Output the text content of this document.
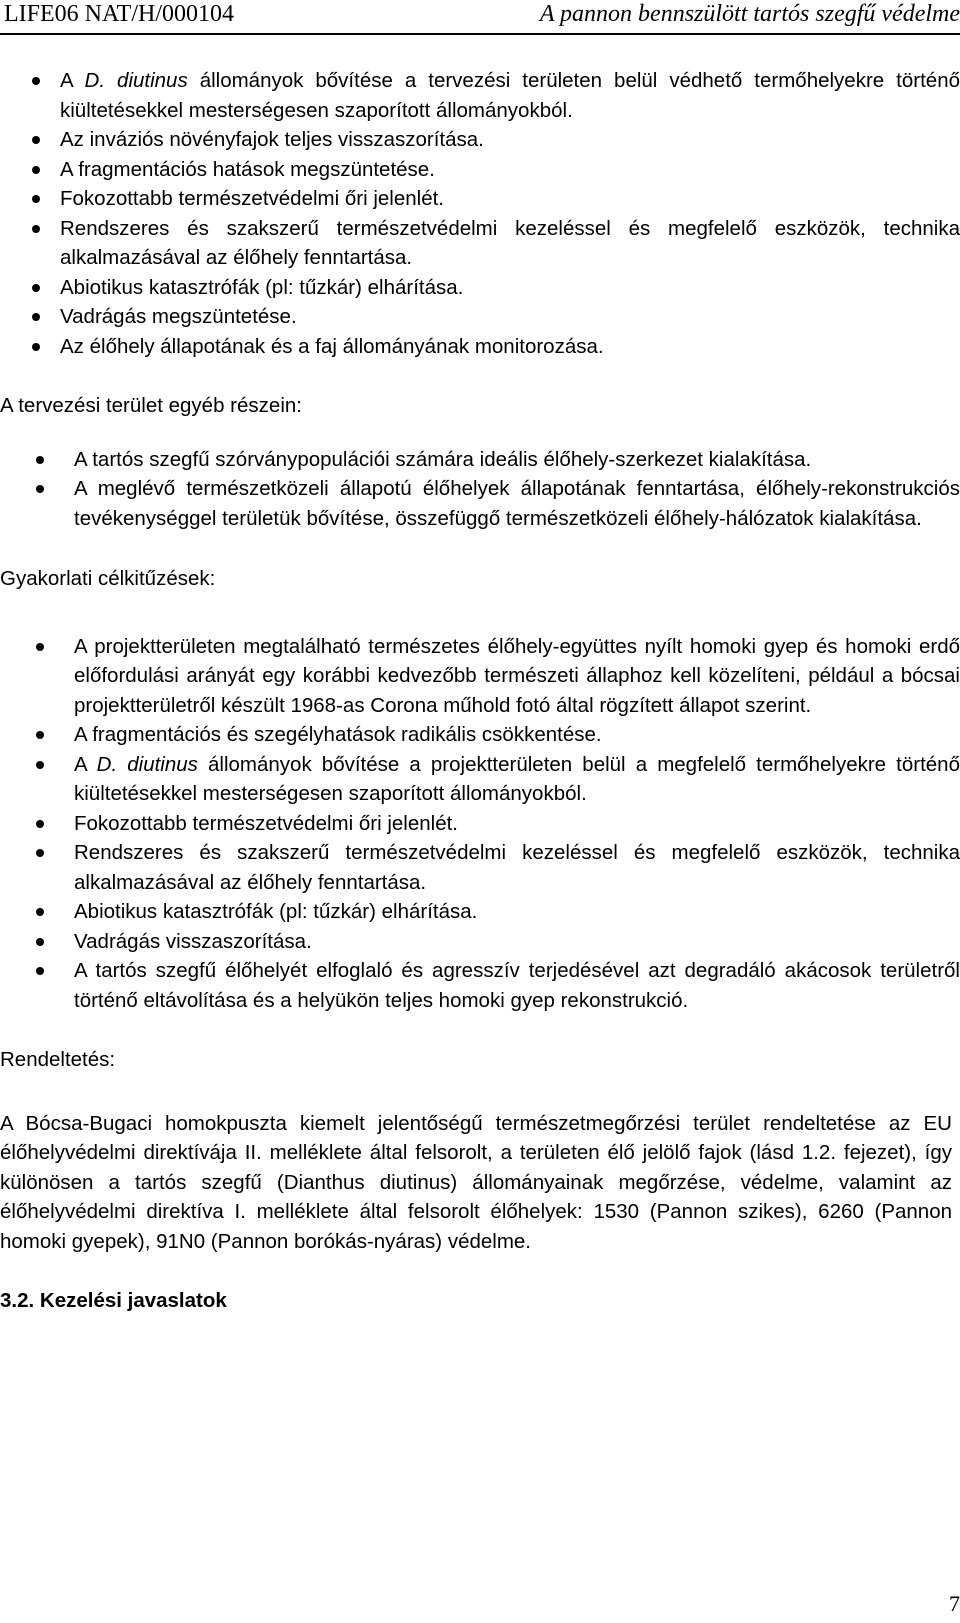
LIFE06 NAT/H/000104	A pannon bennszülött tartós szegfű védelme
A D. diutinus állományok bővítése a tervezési területen belül védhető termőhelyekre történő kiültetésekkel mesterségesen szaporított állományokból.
Az inváziós növényfajok teljes visszaszorítása.
A fragmentációs hatások megszüntetése.
Fokozottabb természetvédelmi őri jelenlét.
Rendszeres és szakszerű természetvédelmi kezeléssel és megfelelő eszközök, technika alkalmazásával az élőhely fenntartása.
Abiotikus katasztrófák (pl: tűzkár) elhárítása.
Vadrágás megszüntetése.
Az élőhely állapotának és a faj állományának monitorozása.

A tervezési terület egyéb részein:

A tartós szegfű szórványpopulációi számára ideális élőhely-szerkezet kialakítása.
A meglévő természetközeli állapotú élőhelyek állapotának fenntartása, élőhely-rekonstrukciós tevékenységgel területük bővítése, összefüggő természetközeli élőhely-hálózatok kialakítása.

Gyakorlati célkitűzések:

A projektterületen megtalálható természetes élőhely-együttes nyílt homoki gyep és homoki erdő előfordulási arányát egy korábbi kedvezőbb természeti állaphoz kell közelíteni, például a bócsai projektterületről készült 1968-as Corona műhold fotó által rögzített állapot szerint.
A fragmentációs és szegélyhatások radikális csökkentése.
A D. diutinus állományok bővítése a projektterületen belül a megfelelő termőhelyekre történő kiültetésekkel mesterségesen szaporított állományokból.
Fokozottabb természetvédelmi őri jelenlét.
Rendszeres és szakszerű természetvédelmi kezeléssel és megfelelő eszközök, technika alkalmazásával az élőhely fenntartása.
Abiotikus katasztrófák (pl: tűzkár) elhárítása.
Vadrágás visszaszorítása.
A tartós szegfű élőhelyét elfoglaló és agresszív terjedésével azt degradáló akácosok területről történő eltávolítása és a helyükön teljes homoki gyep rekonstrukció.

Rendeltetés:

A Bócsa-Bugaci homokpuszta kiemelt jelentőségű természetmegőrzési terület rendeltetése az EU élőhelyvédelmi direktívája II. melléklete által felsorolt, a területen élő jelölő fajok (lásd 1.2. fejezet), így különösen a tartós szegfű (Dianthus diutinus) állományainak megőrzése, védelme, valamint az élőhelyvédelmi direktíva I. melléklete által felsorolt élőhelyek: 1530 (Pannon szikes), 6260 (Pannon homoki gyepek), 91N0 (Pannon borókás-nyáras) védelme.

3.2. Kezelési javaslatok

7
